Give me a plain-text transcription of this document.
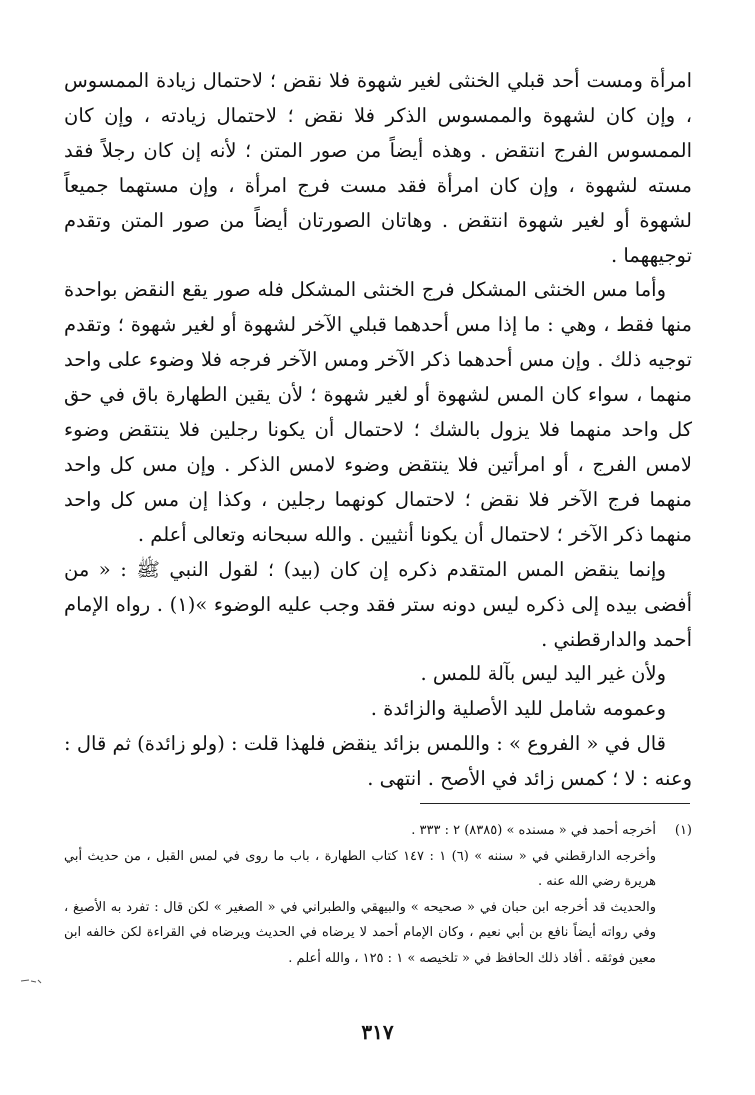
امرأة ومست أحد قبلي الخنثى لغير شهوة فلا نقض ؛ لاحتمال زيادة الممسوس ، وإن كان لشهوة والممسوس الذكر فلا نقض ؛ لاحتمال زيادته ، وإن كان الممسوس الفرج انتقض . وهذه أيضاً من صور المتن ؛ لأنه إن كان رجلاً فقد مسته لشهوة ، وإن كان امرأة فقد مست فرج امرأة ، وإن مستهما جميعاً لشهوة أو لغير شهوة انتقض . وهاتان الصورتان أيضاً من صور المتن وتقدم توجيههما .

وأما مس الخنثى المشكل فرج الخنثى المشكل فله صور يقع النقض بواحدة منها فقط ، وهي : ما إذا مس أحدهما قبلي الآخر لشهوة أو لغير شهوة ؛ وتقدم توجيه ذلك . وإن مس أحدهما ذكر الآخر ومس الآخر فرجه فلا وضوء على واحد منهما ، سواء كان المس لشهوة أو لغير شهوة ؛ لأن يقين الطهارة باق في حق كل واحد منهما فلا يزول بالشك ؛ لاحتمال أن يكونا رجلين فلا ينتقض وضوء لامس الفرج ، أو امرأتين فلا ينتقض وضوء لامس الذكر . وإن مس كل واحد منهما فرج الآخر فلا نقض ؛ لاحتمال كونهما رجلين ، وكذا إن مس كل واحد منهما ذكر الآخر ؛ لاحتمال أن يكونا أنثيين . والله سبحانه وتعالى أعلم .

وإنما ينقض المس المتقدم ذكره إن كان (بيد) ؛ لقول النبي ﷺ : « من أفضى بيده إلى ذكره ليس دونه ستر فقد وجب عليه الوضوء »(١) . رواه الإمام أحمد والدارقطني .

ولأن غير اليد ليس بآلة للمس .

وعمومه شامل لليد الأصلية والزائدة .

قال في « الفروع » : واللمس بزائد ينقض فلهذا قلت : (ولو زائدة) ثم قال : وعنه : لا ؛ كمس زائد في الأصح . انتهى .

(١)
أخرجه أحمد في « مسنده » (٨٣٨٥) ٢ : ٣٣٣ .
وأخرجه الدارقطني في « سننه » (٦) ١ : ١٤٧ كتاب الطهارة ، باب ما روى في لمس القبل ، من حديث أبي هريرة رضي الله عنه .
والحديث قد أخرجه ابن حبان في « صحيحه » والبيهقي والطبراني في « الصغير » لكن قال : تفرد به الأصبغ ، وفي رواته أيضاً نافع بن أبي نعيم ، وكان الإمام أحمد لا يرضاه في الحديث ويرضاه في القراءة لكن خالفه ابن معين فوثقه . أفاد ذلك الحافظ في « تلخيصه » ١ : ١٢٥ ، والله أعلم .
٣١٧
